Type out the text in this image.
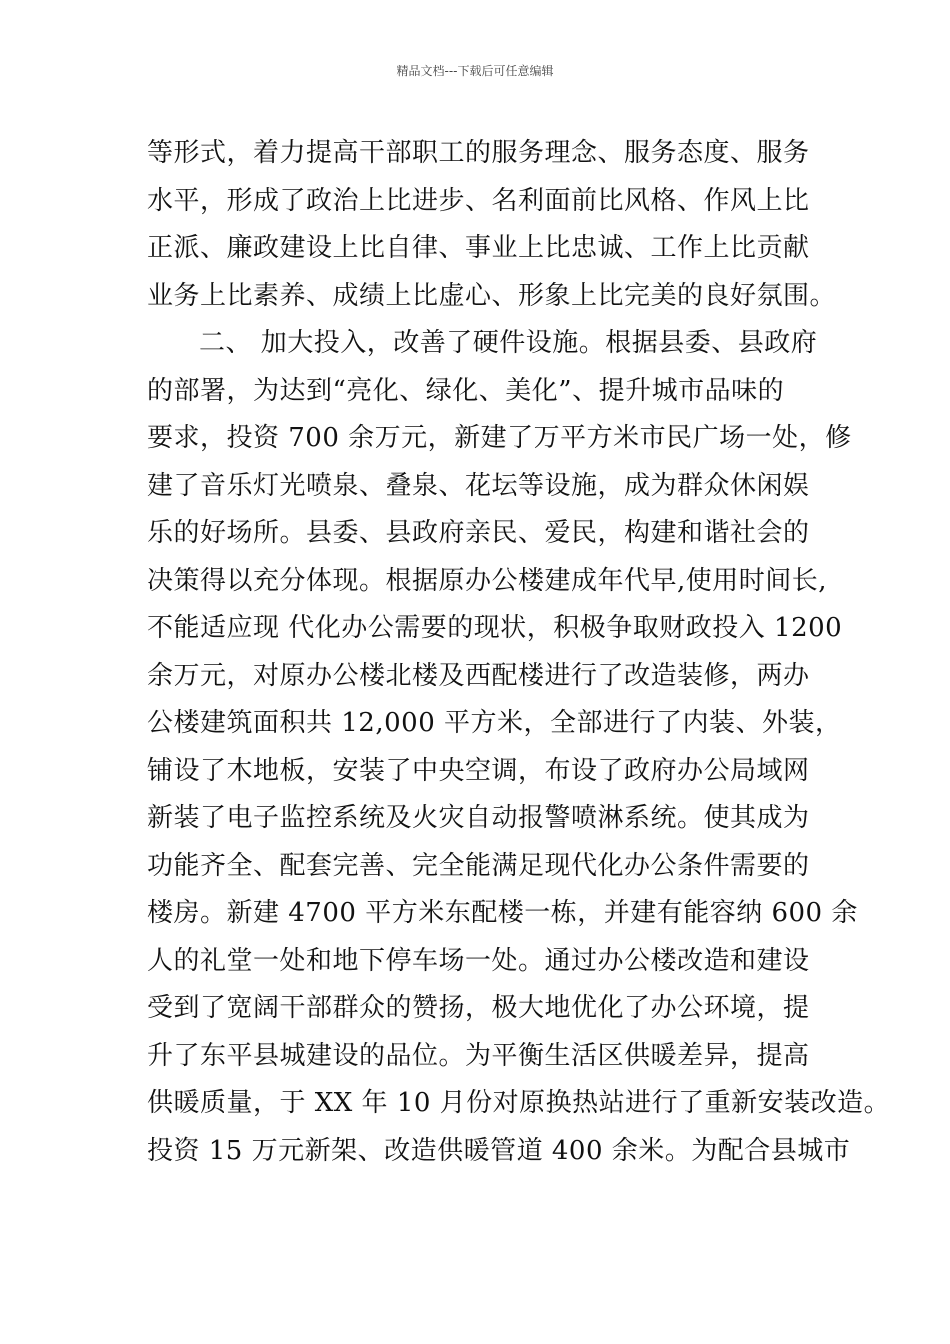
精品文档---下载后可任意编辑
等形式，着力提高干部职工的服务理念、服务态度、服务
水平，形成了政治上比进步、名利面前比风格、作风上比
正派、廉政建设上比自律、事业上比忠诚、工作上比贡献
业务上比素养、成绩上比虚心、形象上比完美的良好氛围。
二、 加大投入，改善了硬件设施。根据县委、县政府
的部署，为达到“亮化、绿化、美化”、提升城市品味的
要求，投资 700 余万元，新建了万平方米市民广场一处，修
建了音乐灯光喷泉、叠泉、花坛等设施，成为群众休闲娱
乐的好场所。县委、县政府亲民、爱民，构建和谐社会的
决策得以充分体现。根据原办公楼建成年代早,使用时间长,
不能适应现 代化办公需要的现状，积极争取财政投入 1200
余万元，对原办公楼北楼及西配楼进行了改造装修，两办
公楼建筑面积共 12,000 平方米，全部进行了内装、外装，
铺设了木地板，安装了中央空调，布设了政府办公局域网
新装了电子监控系统及火灾自动报警喷淋系统。使其成为
功能齐全、配套完善、完全能满足现代化办公条件需要的
楼房。新建 4700 平方米东配楼一栋，并建有能容纳 600 余
人的礼堂一处和地下停车场一处。通过办公楼改造和建设
受到了宽阔干部群众的赞扬，极大地优化了办公环境，提
升了东平县城建设的品位。为平衡生活区供暖差异，提高
供暖质量，于 XX 年 10 月份对原换热站进行了重新安装改造。
投资 15 万元新架、改造供暖管道 400 余米。为配合县城市
